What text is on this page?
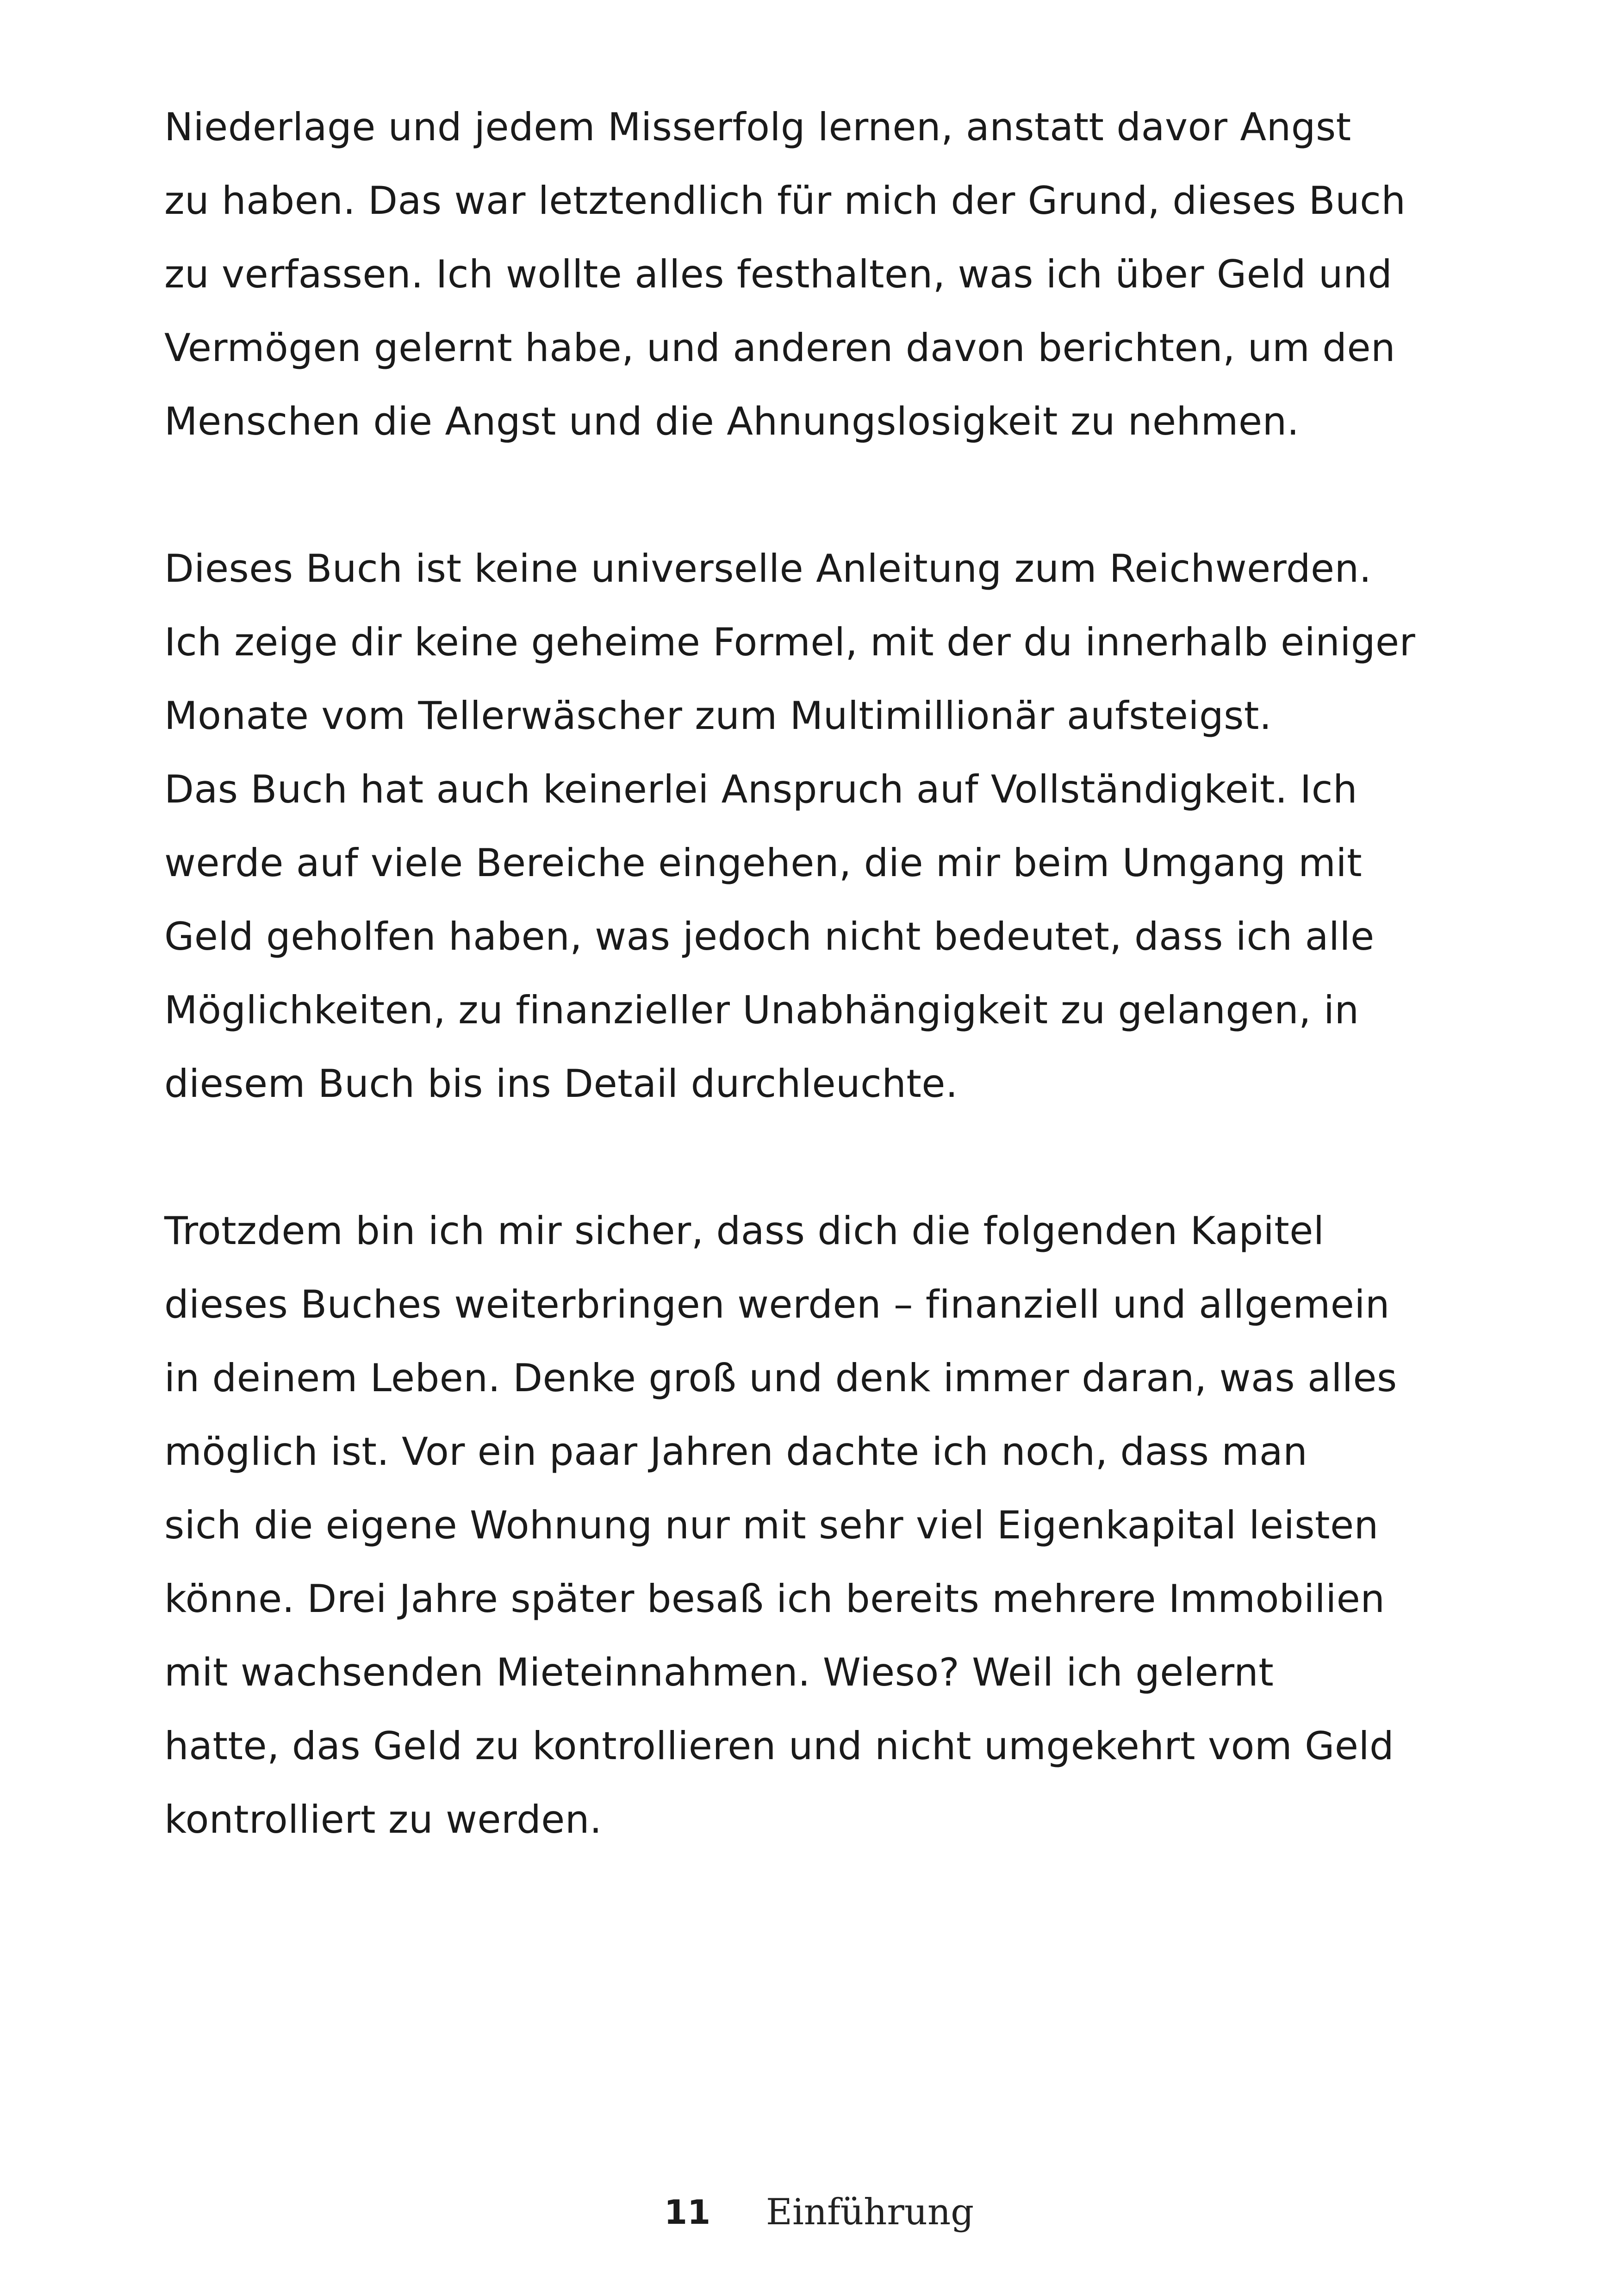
Niederlage und jedem Misserfolg lernen, anstatt davor Angst
zu haben. Das war letztendlich für mich der Grund, dieses Buch
zu verfassen. Ich wollte alles festhalten, was ich über Geld und
Vermögen gelernt habe, und anderen davon berichten, um den
Menschen die Angst und die Ahnungslosigkeit zu nehmen.

Dieses Buch ist keine universelle Anleitung zum Reichwerden.
Ich zeige dir keine geheime Formel, mit der du innerhalb einiger
Monate vom Tellerwäscher zum Multimillionär aufsteigst.
Das Buch hat auch keinerlei Anspruch auf Vollständigkeit. Ich
werde auf viele Bereiche eingehen, die mir beim Umgang mit
Geld geholfen haben, was jedoch nicht bedeutet, dass ich alle
Möglichkeiten, zu finanzieller Unabhängigkeit zu gelangen, in
diesem Buch bis ins Detail durchleuchte.

Trotzdem bin ich mir sicher, dass dich die folgenden Kapitel
dieses Buches weiterbringen werden – finanziell und allgemein
in deinem Leben. Denke groß und denk immer daran, was alles
möglich ist. Vor ein paar Jahren dachte ich noch, dass man
sich die eigene Wohnung nur mit sehr viel Eigenkapital leisten
könne. Drei Jahre später besaß ich bereits mehrere Immobilien
mit wachsenden Mieteinnahmen. Wieso? Weil ich gelernt
hatte, das Geld zu kontrollieren und nicht umgekehrt vom Geld
kontrolliert zu werden.

11 Einführung
